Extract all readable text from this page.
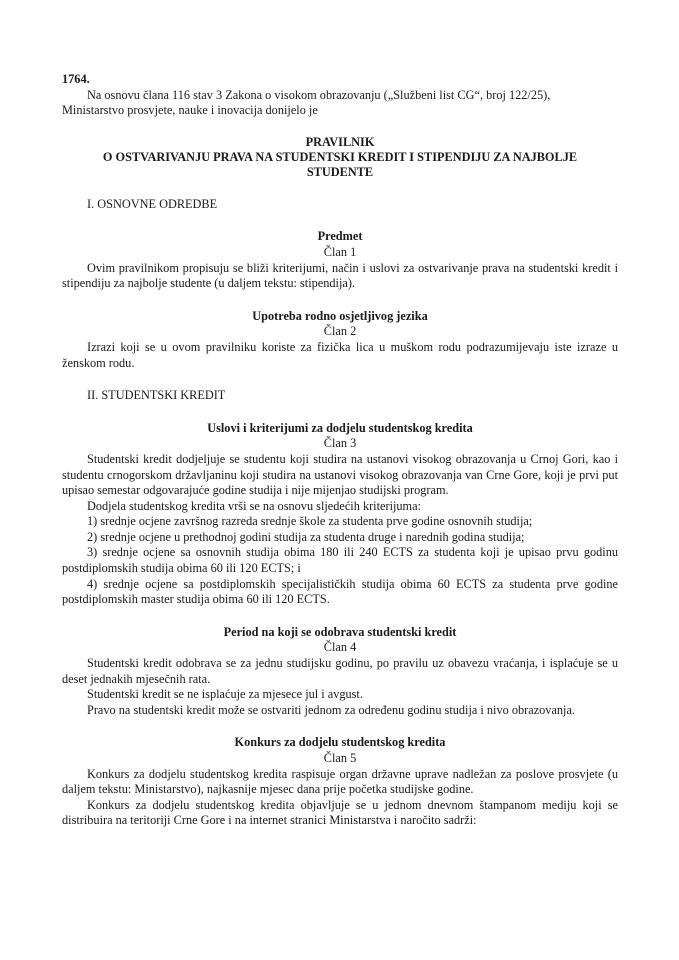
1764.

Na osnovu člana 116 stav 3 Zakona o visokom obrazovanju („Službeni list CG“, broj 122/25),

Ministarstvo prosvjete, nauke i inovacija donijelo je

PRAVILNIK

O OSTVARIVANJU PRAVA NA STUDENTSKI KREDIT I STIPENDIJU ZA NAJBOLJE

STUDENTE

I. OSNOVNE ODREDBE

Predmet

Član 1

Ovim pravilnikom propisuju se bliži kriterijumi, način i uslovi za ostvarivanje prava na studentski kredit i stipendiju za najbolje studente (u daljem tekstu: stipendija).

Upotreba rodno osjetljivog jezika

Član 2

Izrazi koji se u ovom pravilniku koriste za fizička lica u muškom rodu podrazumijevaju iste izraze u ženskom rodu.

II. STUDENTSKI KREDIT

Uslovi i kriterijumi za dodjelu studentskog kredita

Član 3

Studentski kredit dodjeljuje se studentu koji studira na ustanovi visokog obrazovanja u Crnoj Gori, kao i studentu crnogorskom državljaninu koji studira na ustanovi visokog obrazovanja van Crne Gore, koji je prvi put upisao semestar odgovarajuće godine studija i nije mijenjao studijski program.

Dodjela studentskog kredita vrši se na osnovu sljedećih kriterijuma:

1) srednje ocjene završnog razreda srednje škole za studenta prve godine osnovnih studija;

2) srednje ocjene u prethodnoj godini studija za studenta druge i narednih godina studija;

3) srednje ocjene sa osnovnih studija obima 180 ili 240 ECTS za studenta koji je upisao prvu godinu postdiplomskih studija obima 60 ili 120 ECTS; i

4) srednje ocjene sa postdiplomskih specijalističkih studija obima 60 ECTS za studenta prve godine postdiplomskih master studija obima 60 ili 120 ECTS.

Period na koji se odobrava studentski kredit

Član 4

Studentski kredit odobrava se za jednu studijsku godinu, po pravilu uz obavezu vraćanja, i isplaćuje se u deset jednakih mjesečnih rata.

Studentski kredit se ne isplaćuje za mjesece jul i avgust.

Pravo na studentski kredit može se ostvariti jednom za određenu godinu studija i nivo obrazovanja.

Konkurs za dodjelu studentskog kredita

Član 5

Konkurs za dodjelu studentskog kredita raspisuje organ državne uprave nadležan za poslove prosvjete (u daljem tekstu: Ministarstvo), najkasnije mjesec dana prije početka studijske godine.

Konkurs za dodjelu studentskog kredita objavljuje se u jednom dnevnom štampanom mediju koji se distribuira na teritoriji Crne Gore i na internet stranici Ministarstva i naročito sadrži:
